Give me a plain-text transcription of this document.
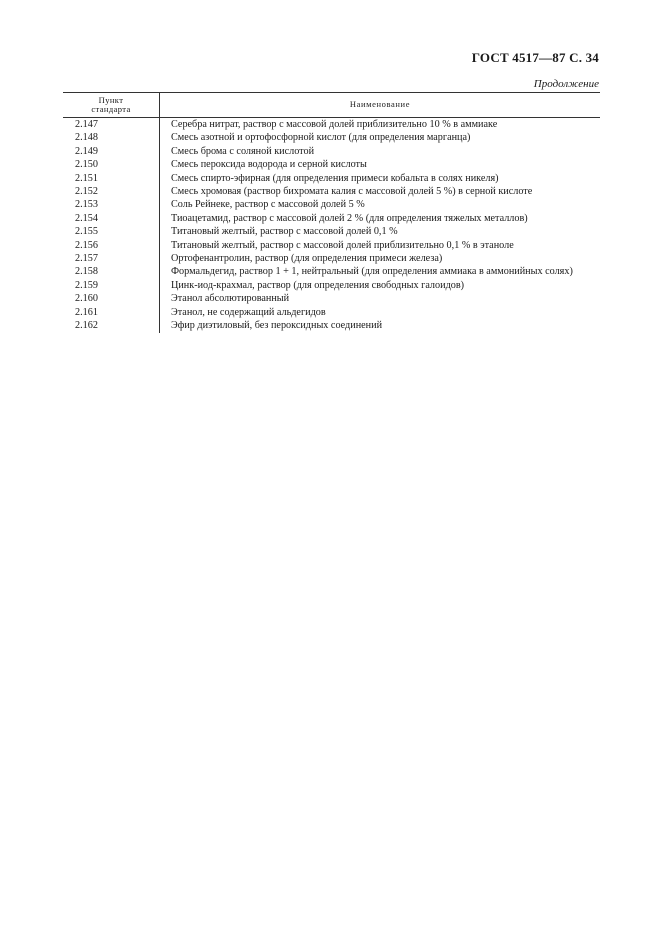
ГОСТ 4517—87 С. 34
Продолжение
Пункт
стандарта	Наименование
2.147	Серебра нитрат, раствор с массовой долей приблизительно 10 % в аммиаке
2.148	Смесь азотной и ортофосфорной кислот (для определения марганца)
2.149	Смесь брома с соляной кислотой
2.150	Смесь пероксида водорода и серной кислоты
2.151	Смесь спирто-эфирная (для определения примеси кобальта в солях никеля)
2.152	Смесь хромовая (раствор бихромата калия с массовой долей 5 %) в серной кислоте
2.153	Соль Рейнеке, раствор с массовой долей 5 %
2.154	Тиоацетамид, раствор с массовой долей 2 % (для определения тяжелых металлов)
2.155	Титановый желтый, раствор с массовой долей 0,1 %
2.156	Титановый желтый, раствор с массовой долей приблизительно 0,1 % в этаноле
2.157	Ортофенантролин, раствор (для определения примеси железа)
2.158	Формальдегид, раствор 1 + 1, нейтральный (для определения аммиака в аммонийных солях)
2.159	Цинк-иод-крахмал, раствор (для определения свободных галоидов)
2.160	Этанол абсолютированный
2.161	Этанол, не содержащий альдегидов
2.162	Эфир диэтиловый, без пероксидных соединений
